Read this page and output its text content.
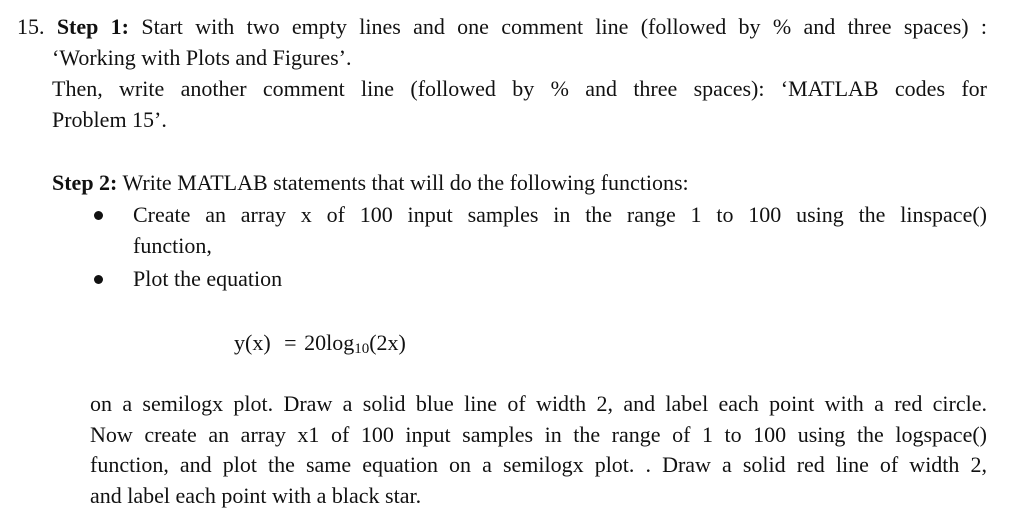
15. Step 1: Start with two empty lines and one comment line (followed by % and three spaces) :
‘Working with Plots and Figures’.
Then, write another comment line (followed by % and three spaces): ‘MATLAB codes for
Problem 15’.
Step 2: Write MATLAB statements that will do the following functions:
Create an array x of 100 input samples in the range 1 to 100 using the linspace()
function,
Plot the equation
y(x) = 20log10(2x)
on a semilogx plot. Draw a solid blue line of width 2, and label each point with a red circle.
Now create an array x1 of 100 input samples in the range of 1 to 100 using the logspace()
function, and plot the same equation on a semilogx plot. . Draw a solid red line of width 2,
and label each point with a black star.
